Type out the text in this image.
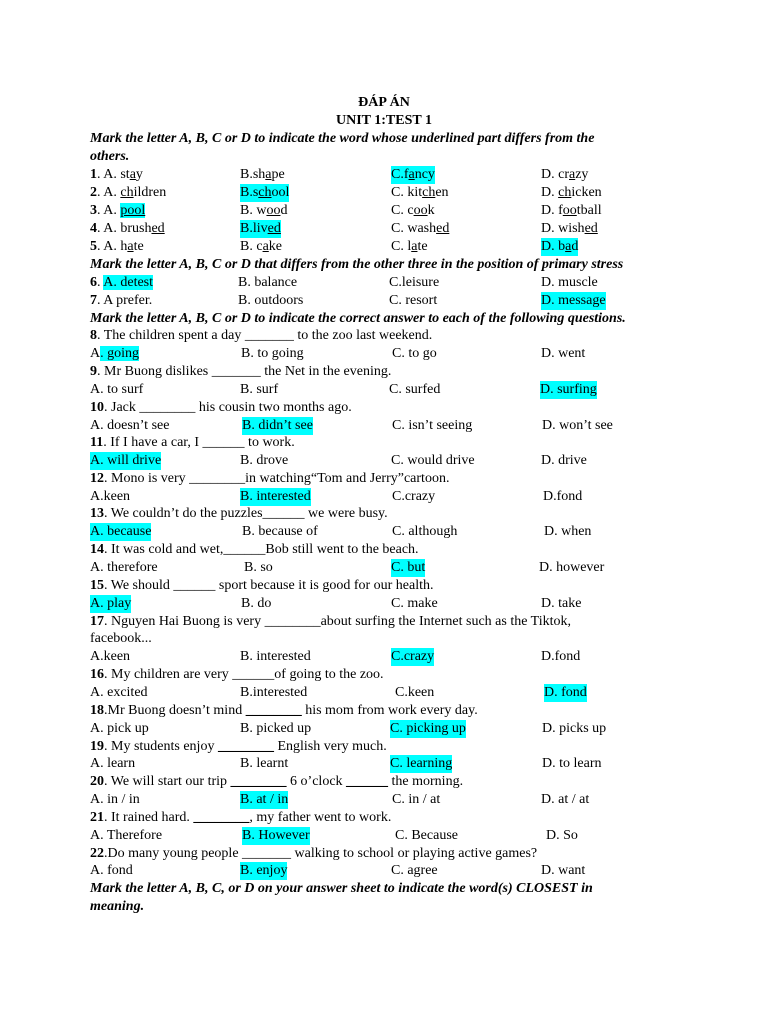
ĐÁP ÁN
UNIT 1:TEST 1
Mark the letter A, B, C or D to indicate the word whose underlined part differs from the
others.
1. A. stay	B.shape	C.fancy	D. crazy
2. A. children	B.school	C. kitchen	D. chicken
3. A. pool	B. wood	C. cook	D. football
4. A. brushed	B.lived	C. washed	D. wished
5. A. hate	B. cake	C. late	D. bad
Mark the letter A, B, C or D that differs from the other three in the position of primary stress
6. A. detest	B. balance	C.leisure	D. muscle
7. A prefer.	B. outdoors	C. resort	D. message
Mark the letter A, B, C or D to indicate the correct answer to each of the following questions.
8. The children spent a day _______ to the zoo last weekend.
A. going	B. to going	C. to go	D. went
9. Mr Buong dislikes _______ the Net in the evening.
A. to surf	B. surf	C. surfed	D. surfing
10. Jack ________ his cousin two months ago.
A. doesn’t see	B. didn’t see	C. isn’t seeing	D. won’t see
11. If I have a car, I ______ to work.
A. will drive	B. drove	C. would drive	D. drive
12. Mono is very ________in watching“Tom and Jerry”cartoon.
A.keen	B. interested	C.crazy	D.fond
13. We couldn’t do the puzzles______ we were busy.
A. because	B. because of	C. although	D. when
14. It was cold and wet,______Bob still went to the beach.
A. therefore	B. so	C. but	D. however
15. We should ______ sport because it is good for our health.
A. play	B. do	C. make	D. take
17. Nguyen Hai Buong is very ________about surfing the Internet such as the Tiktok,
facebook...
A.keen	B. interested	C.crazy	D.fond
16. My children are very ______of going to the zoo.
A. excited	B.interested	C.keen	D. fond
18.Mr Buong doesn’t mind ________ his mom from work every day.
A. pick up	B. picked up	C. picking up	D. picks up
19. My students enjoy ________ English very much.
A. learn	B. learnt	C. learning	D. to learn
20. We will start our trip ________ 6 o’clock ______ the morning.
A. in / in	B. at / in	C. in / at	D. at / at
21. It rained hard. ________, my father went to work.
A. Therefore	B. However	C. Because	D. So
22.Do many young people _______ walking to school or playing active games?
A. fond	B. enjoy	C. agree	D. want
Mark the letter A, B, C, or D on your answer sheet to indicate the word(s) CLOSEST in
meaning.
